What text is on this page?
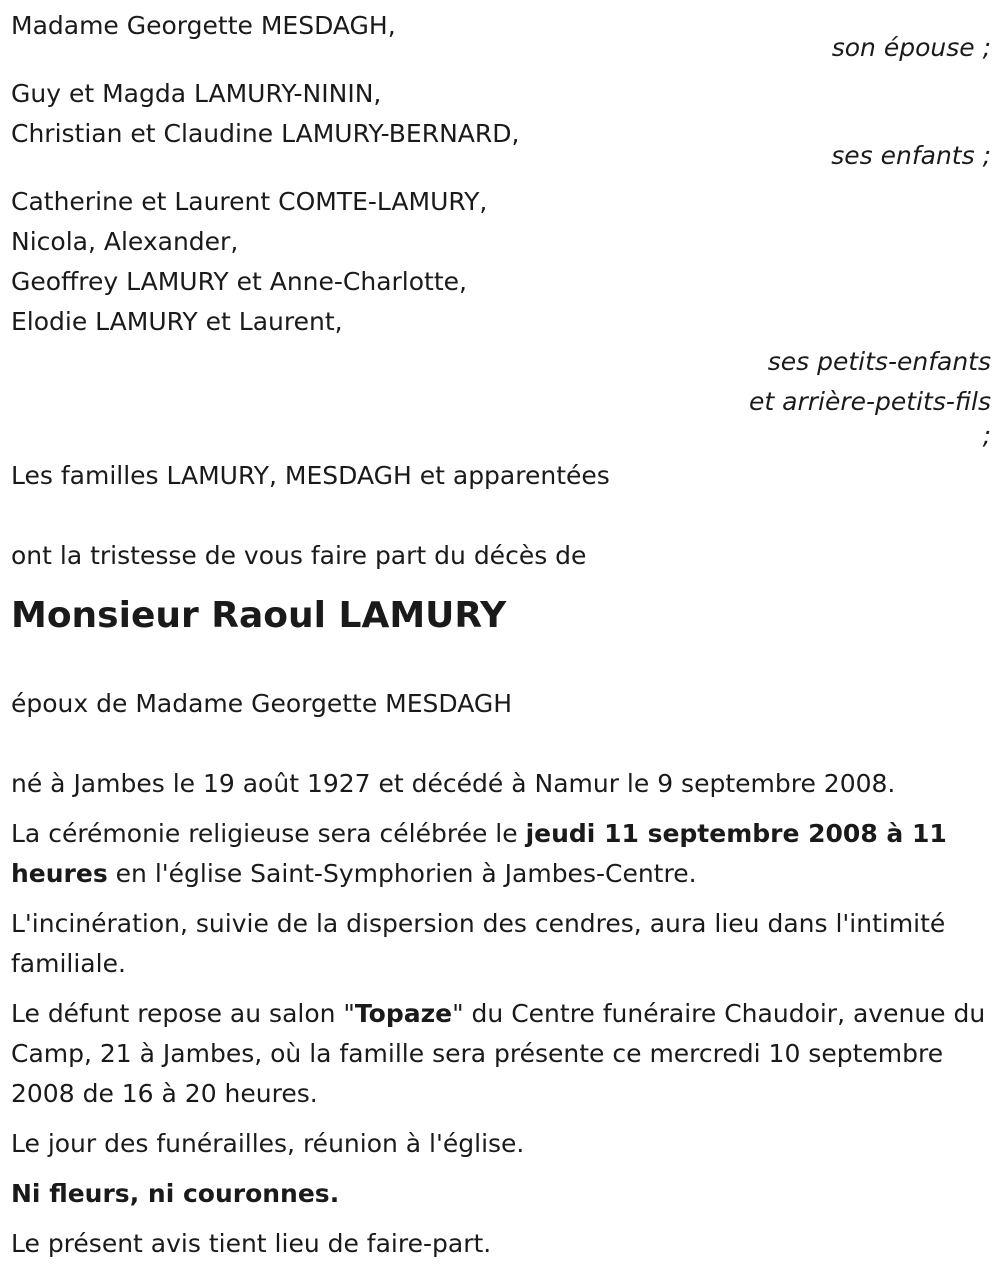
Madame Georgette MESDAGH,
son épouse ;
Guy et Magda LAMURY-NININ,
Christian et Claudine LAMURY-BERNARD,
ses enfants ;
Catherine et Laurent COMTE-LAMURY,
Nicola, Alexander,
Geoffrey LAMURY et Anne-Charlotte,
Elodie LAMURY et Laurent,
ses petits-enfants
et arrière-petits-fils
;
Les familles LAMURY, MESDAGH et apparentées
ont la tristesse de vous faire part du décès de
Monsieur Raoul LAMURY
époux de Madame Georgette MESDAGH
né à Jambes le 19 août 1927 et décédé à Namur le 9 septembre 2008.
La cérémonie religieuse sera célébrée le jeudi 11 septembre 2008 à 11 heures en l'église Saint-Symphorien à Jambes-Centre.
L'incinération, suivie de la dispersion des cendres, aura lieu dans l'intimité familiale.
Le défunt repose au salon "Topaze" du Centre funéraire Chaudoir, avenue du Camp, 21 à Jambes, où la famille sera présente ce mercredi 10 septembre 2008 de 16 à 20 heures.
Le jour des funérailles, réunion à l'église.
Ni fleurs, ni couronnes.
Le présent avis tient lieu de faire-part.
